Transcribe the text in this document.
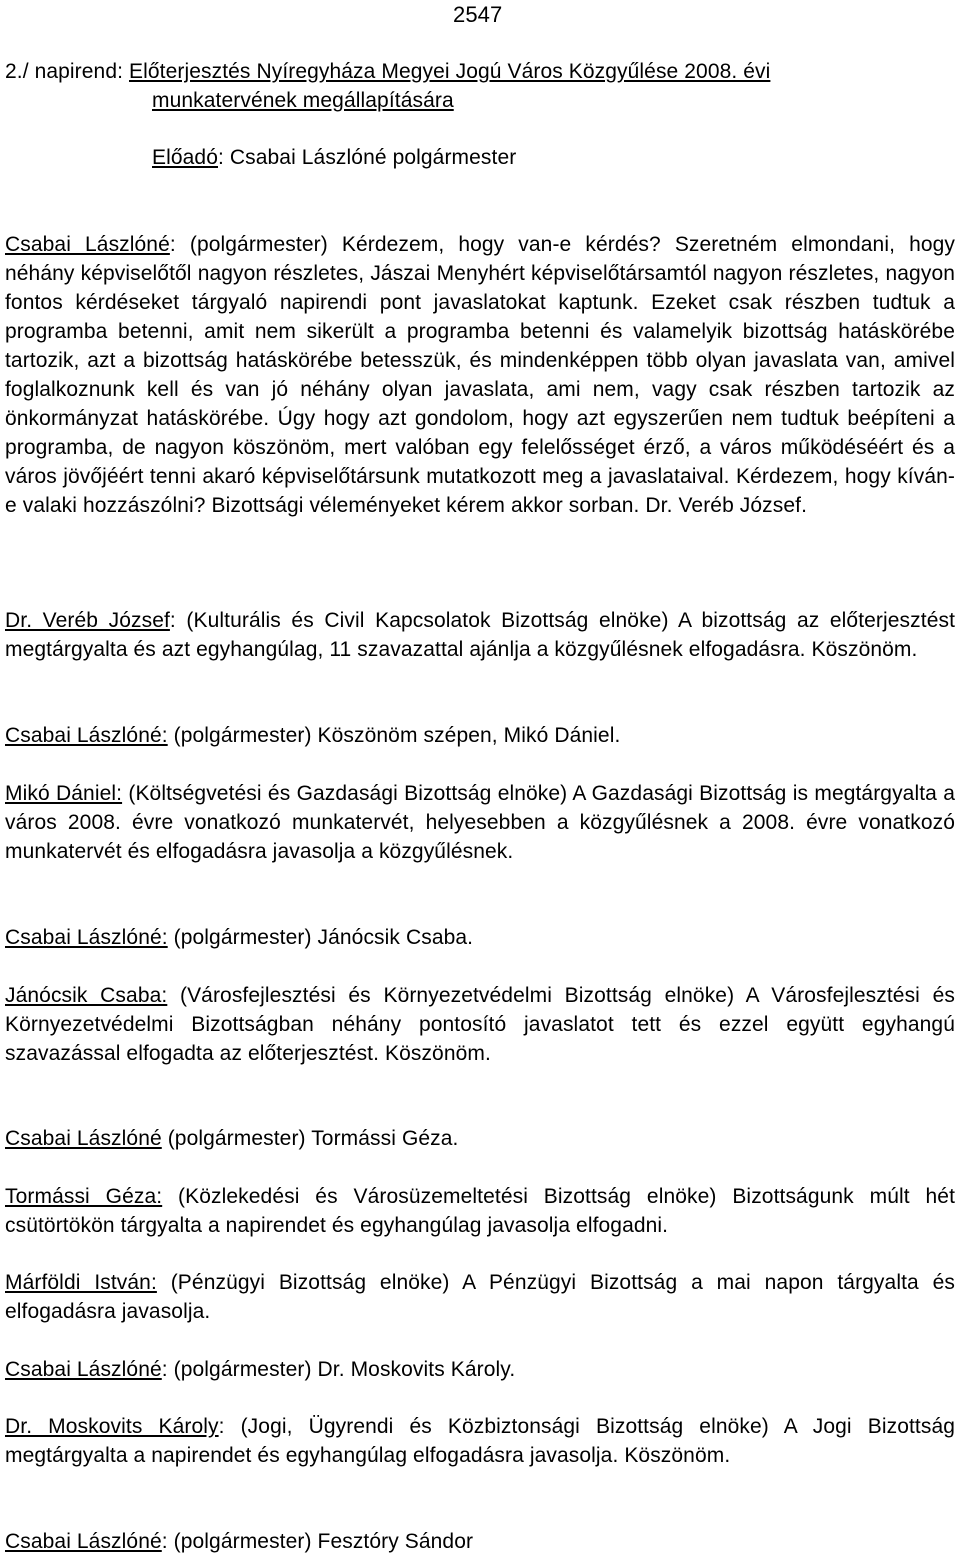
2547
2./ napirend: Előterjesztés Nyíregyháza Megyei Jogú Város Közgyűlése 2008. évi
munkatervének megállapítására
Előadó: Csabai Lászlóné polgármester
Csabai Lászlóné: (polgármester) Kérdezem, hogy van-e kérdés? Szeretném elmondani, hogy néhány képviselőtől nagyon részletes, Jászai Menyhért képviselőtársamtól nagyon részletes, nagyon fontos kérdéseket tárgyaló napirendi pont javaslatokat kaptunk. Ezeket csak részben tudtuk a programba betenni, amit nem sikerült a programba betenni és valamelyik bizottság hatáskörébe tartozik, azt a bizottság hatáskörébe betesszük, és mindenképpen több olyan javaslata van, amivel foglalkoznunk kell és van jó néhány olyan javaslata, ami nem, vagy csak részben tartozik az önkormányzat hatáskörébe. Úgy hogy azt gondolom, hogy azt egyszerűen nem tudtuk beépíteni a programba, de nagyon köszönöm, mert valóban egy felelősséget érző, a város működéséért és a város jövőjéért tenni akaró képviselőtársunk mutatkozott meg a javaslataival. Kérdezem, hogy kíván-e valaki hozzászólni? Bizottsági véleményeket kérem akkor sorban. Dr. Veréb József.
Dr. Veréb József: (Kulturális és Civil Kapcsolatok Bizottság elnöke) A bizottság az előterjesztést megtárgyalta és azt egyhangúlag, 11 szavazattal ajánlja a közgyűlésnek elfogadásra. Köszönöm.
Csabai Lászlóné: (polgármester) Köszönöm szépen, Mikó Dániel.
Mikó Dániel: (Költségvetési és Gazdasági Bizottság elnöke) A Gazdasági Bizottság is megtárgyalta a város 2008. évre vonatkozó munkatervét, helyesebben a közgyűlésnek a 2008. évre vonatkozó munkatervét és elfogadásra javasolja a közgyűlésnek.
Csabai Lászlóné: (polgármester) Jánócsik Csaba.
Jánócsik Csaba: (Városfejlesztési és Környezetvédelmi Bizottság elnöke) A Városfejlesztési és Környezetvédelmi Bizottságban néhány pontosító javaslatot tett és ezzel együtt egyhangú szavazással elfogadta az előterjesztést. Köszönöm.
Csabai Lászlóné (polgármester) Tormássi Géza.
Tormássi Géza: (Közlekedési és Városüzemeltetési Bizottság elnöke) Bizottságunk múlt hét csütörtökön tárgyalta a napirendet és egyhangúlag javasolja elfogadni.
Márföldi István: (Pénzügyi Bizottság elnöke) A Pénzügyi Bizottság a mai napon tárgyalta és elfogadásra javasolja.
Csabai Lászlóné: (polgármester) Dr. Moskovits Károly.
Dr. Moskovits Károly: (Jogi, Ügyrendi és Közbiztonsági Bizottság elnöke) A Jogi Bizottság megtárgyalta a napirendet és egyhangúlag elfogadásra javasolja. Köszönöm.
Csabai Lászlóné: (polgármester) Fesztóry Sándor
